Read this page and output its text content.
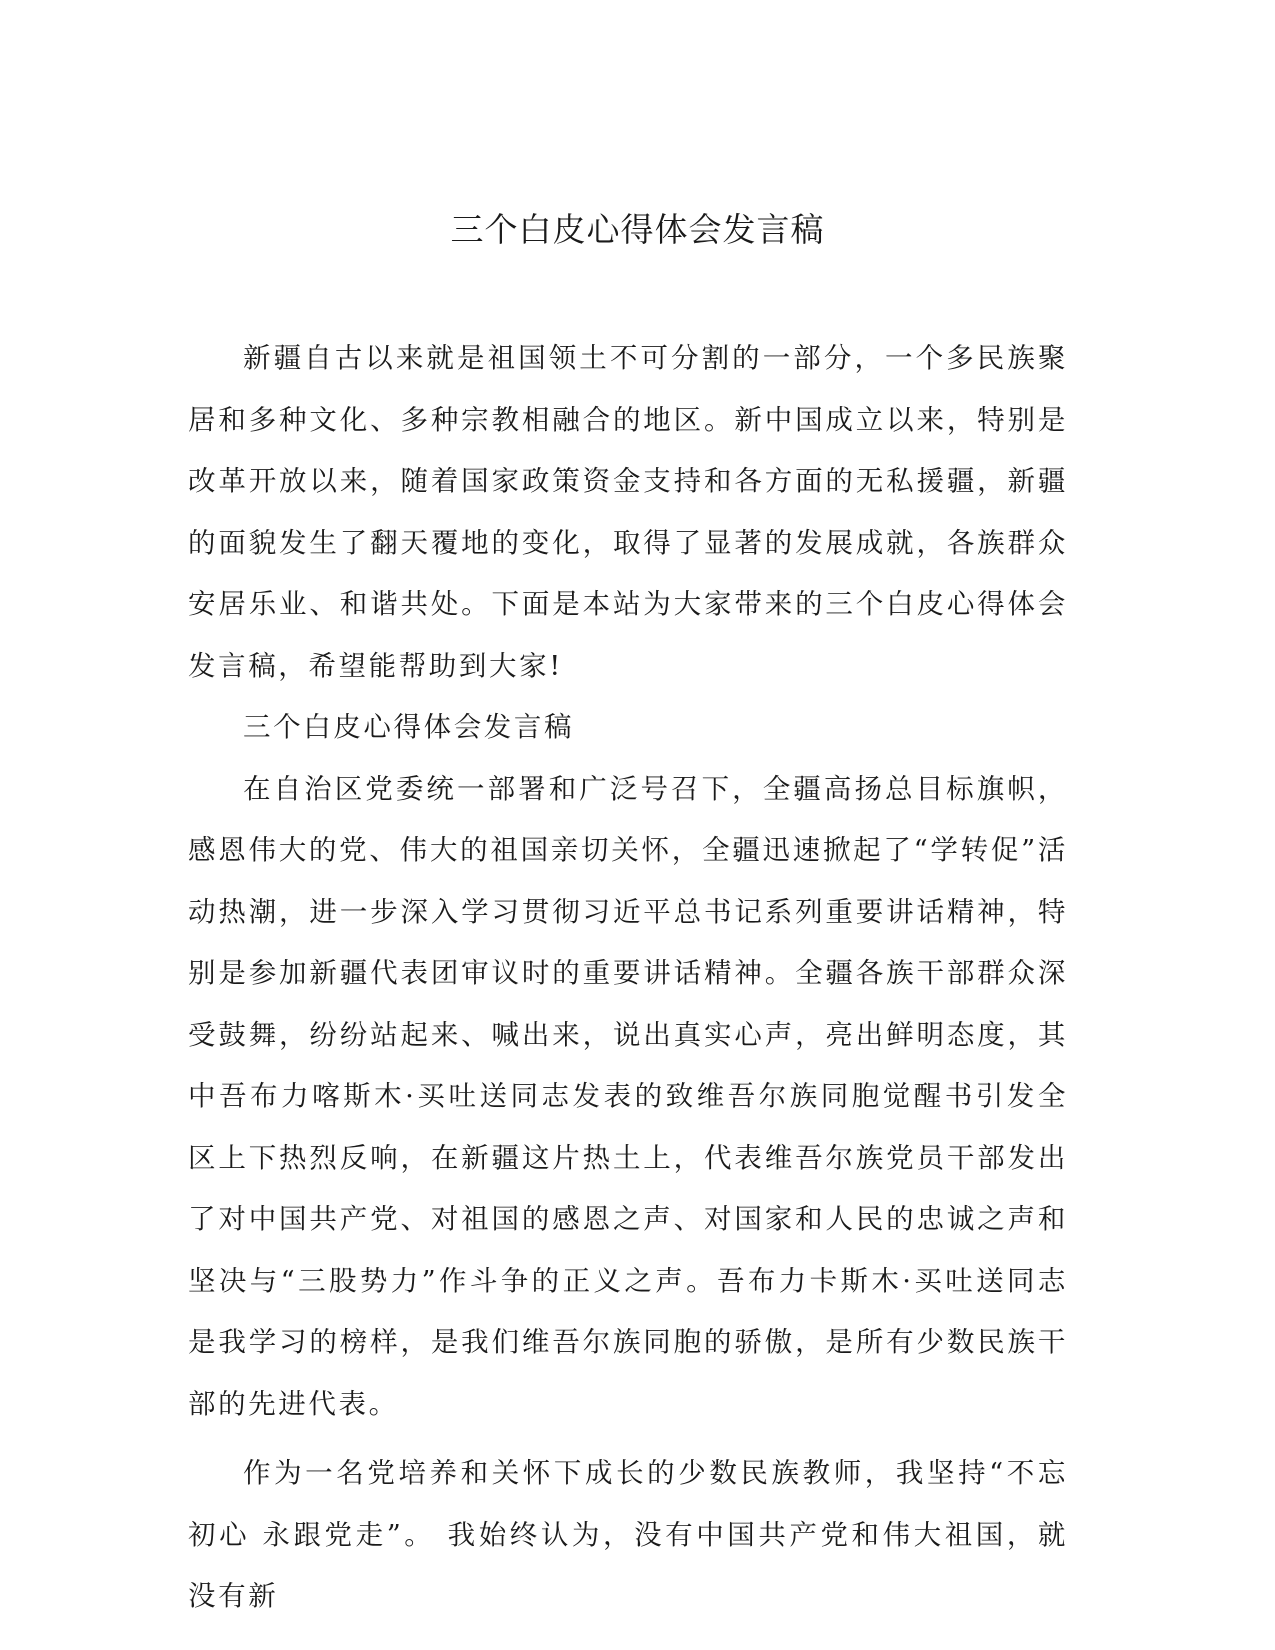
三个白皮心得体会发言稿

新疆自古以来就是祖国领土不可分割的一部分，一个多民族聚居和多种文化、多种宗教相融合的地区。新中国成立以来，特别是改革开放以来，随着国家政策资金支持和各方面的无私援疆，新疆的面貌发生了翻天覆地的变化，取得了显著的发展成就，各族群众安居乐业、和谐共处。下面是本站为大家带来的三个白皮心得体会发言稿，希望能帮助到大家!

三个白皮心得体会发言稿

在自治区党委统一部署和广泛号召下，全疆高扬总目标旗帜，感恩伟大的党、伟大的祖国亲切关怀，全疆迅速掀起了“学转促”活动热潮，进一步深入学习贯彻习近平总书记系列重要讲话精神，特别是参加新疆代表团审议时的重要讲话精神。全疆各族干部群众深受鼓舞，纷纷站起来、喊出来，说出真实心声，亮出鲜明态度，其中吾布力喀斯木·买吐送同志发表的致维吾尔族同胞觉醒书引发全区上下热烈反响，在新疆这片热土上，代表维吾尔族党员干部发出了对中国共产党、对祖国的感恩之声、对国家和人民的忠诚之声和坚决与“三股势力”作斗争的正义之声。吾布力卡斯木·买吐送同志是我学习的榜样，是我们维吾尔族同胞的骄傲，是所有少数民族干部的先进代表。

作为一名党培养和关怀下成长的少数民族教师，我坚持“不忘初心 永跟党走”。 我始终认为，没有中国共产党和伟大祖国，就没有新
